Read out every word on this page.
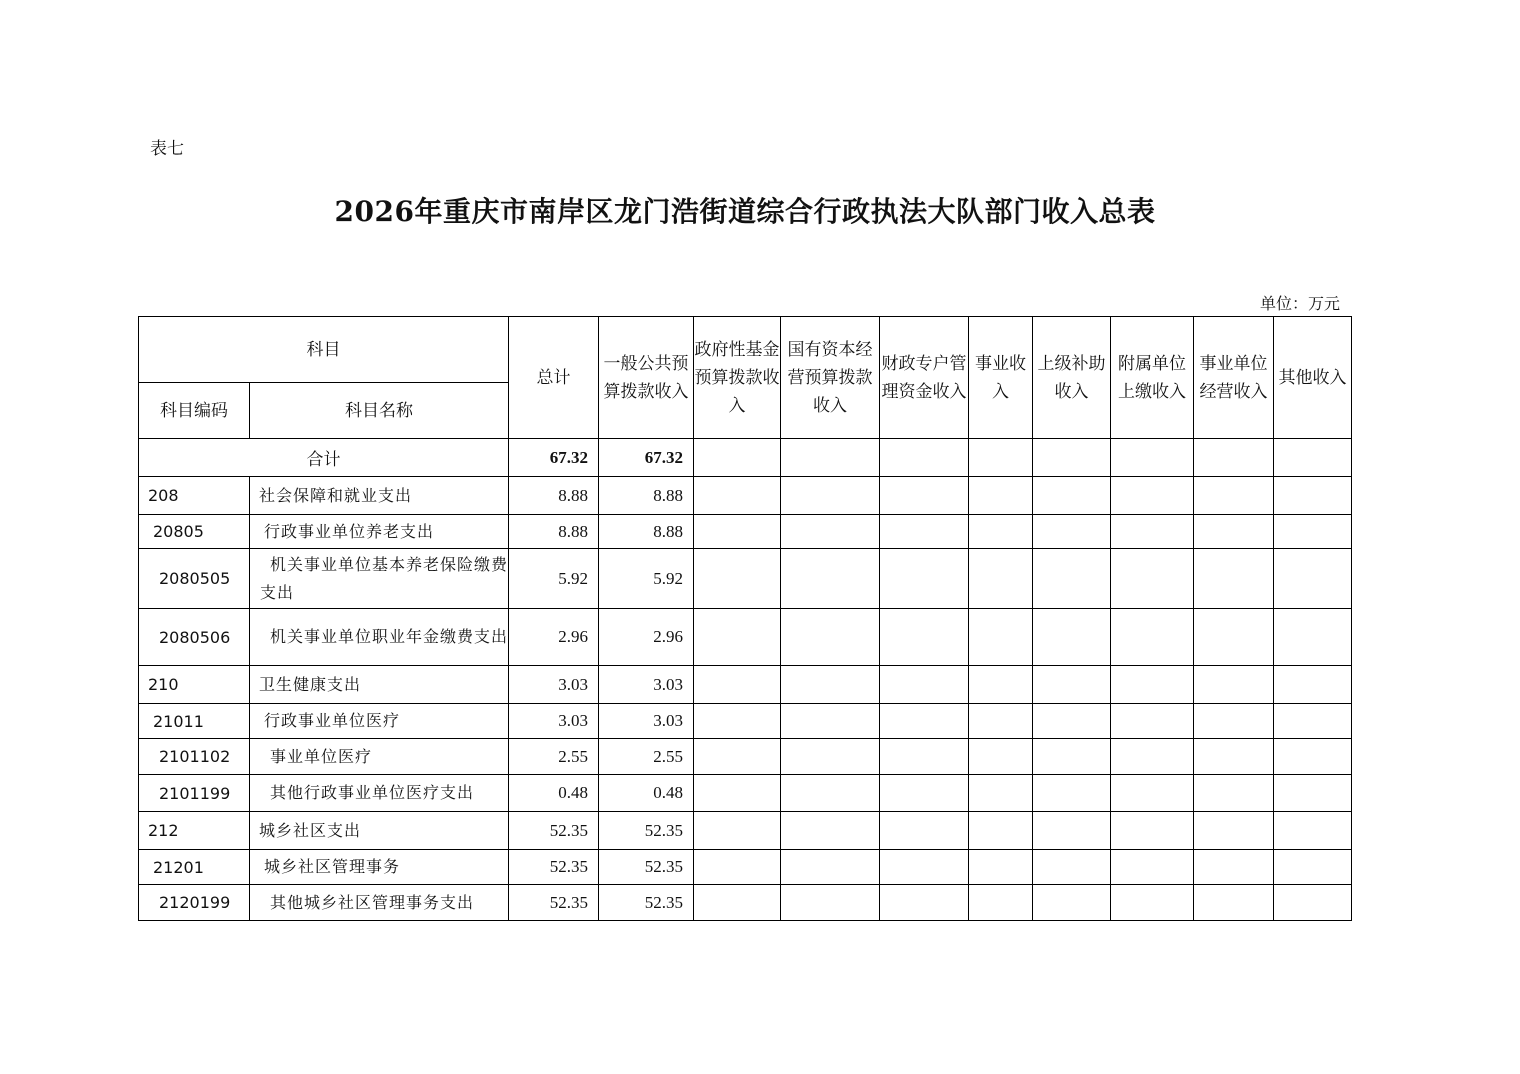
表七
2026年重庆市南岸区龙门浩街道综合行政执法大队部门收入总表
单位：万元
科目		总计	一般公共预算拨款收入	政府性基金预算拨款收入	国有资本经营预算拨款收入	财政专户管理资金收入	事业收入	上级补助收入	附属单位上缴收入	事业单位经营收入	其他收入
科目编码	科目名称										
合计		67.32	67.32								
208	社会保障和就业支出	8.88	8.88								
20805	行政事业单位养老支出	8.88	8.88								
2080505	机关事业单位基本养老保险缴费支出	5.92	5.92								
2080506	机关事业单位职业年金缴费支出	2.96	2.96								
210	卫生健康支出	3.03	3.03								
21011	行政事业单位医疗	3.03	3.03								
2101102	事业单位医疗	2.55	2.55								
2101199	其他行政事业单位医疗支出	0.48	0.48								
212	城乡社区支出	52.35	52.35								
21201	城乡社区管理事务	52.35	52.35								
2120199	其他城乡社区管理事务支出	52.35	52.35								
